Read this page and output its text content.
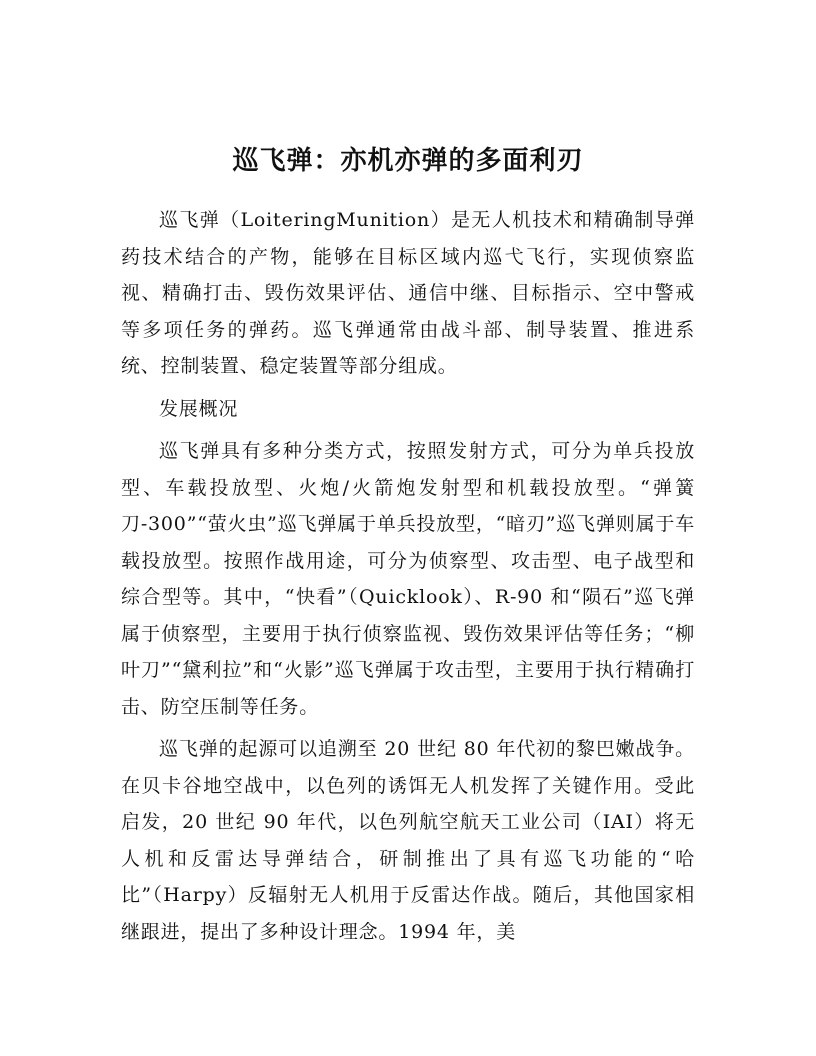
巡飞弹：亦机亦弹的多面利刃

巡飞弹（LoiteringMunition）是无人机技术和精确制导弹药技术结合的产物，能够在目标区域内巡弋飞行，实现侦察监视、精确打击、毁伤效果评估、通信中继、目标指示、空中警戒等多项任务的弹药。巡飞弹通常由战斗部、制导装置、推进系统、控制装置、稳定装置等部分组成。

发展概况

巡飞弹具有多种分类方式，按照发射方式，可分为单兵投放型、车载投放型、火炮/火箭炮发射型和机载投放型。“弹簧刀-300”“萤火虫”巡飞弹属于单兵投放型，“暗刃”巡飞弹则属于车载投放型。按照作战用途，可分为侦察型、攻击型、电子战型和综合型等。其中，“快看”（Quicklook）、R-90 和“陨石”巡飞弹属于侦察型，主要用于执行侦察监视、毁伤效果评估等任务；“柳叶刀”“黛利拉”和“火影”巡飞弹属于攻击型，主要用于执行精确打击、防空压制等任务。

巡飞弹的起源可以追溯至 20 世纪 80 年代初的黎巴嫩战争。在贝卡谷地空战中，以色列的诱饵无人机发挥了关键作用。受此启发，20 世纪 90 年代，以色列航空航天工业公司（IAI）将无人机和反雷达导弹结合，研制推出了具有巡飞功能的“哈比”（Harpy）反辐射无人机用于反雷达作战。随后，其他国家相继跟进，提出了多种设计理念。1994 年，美
